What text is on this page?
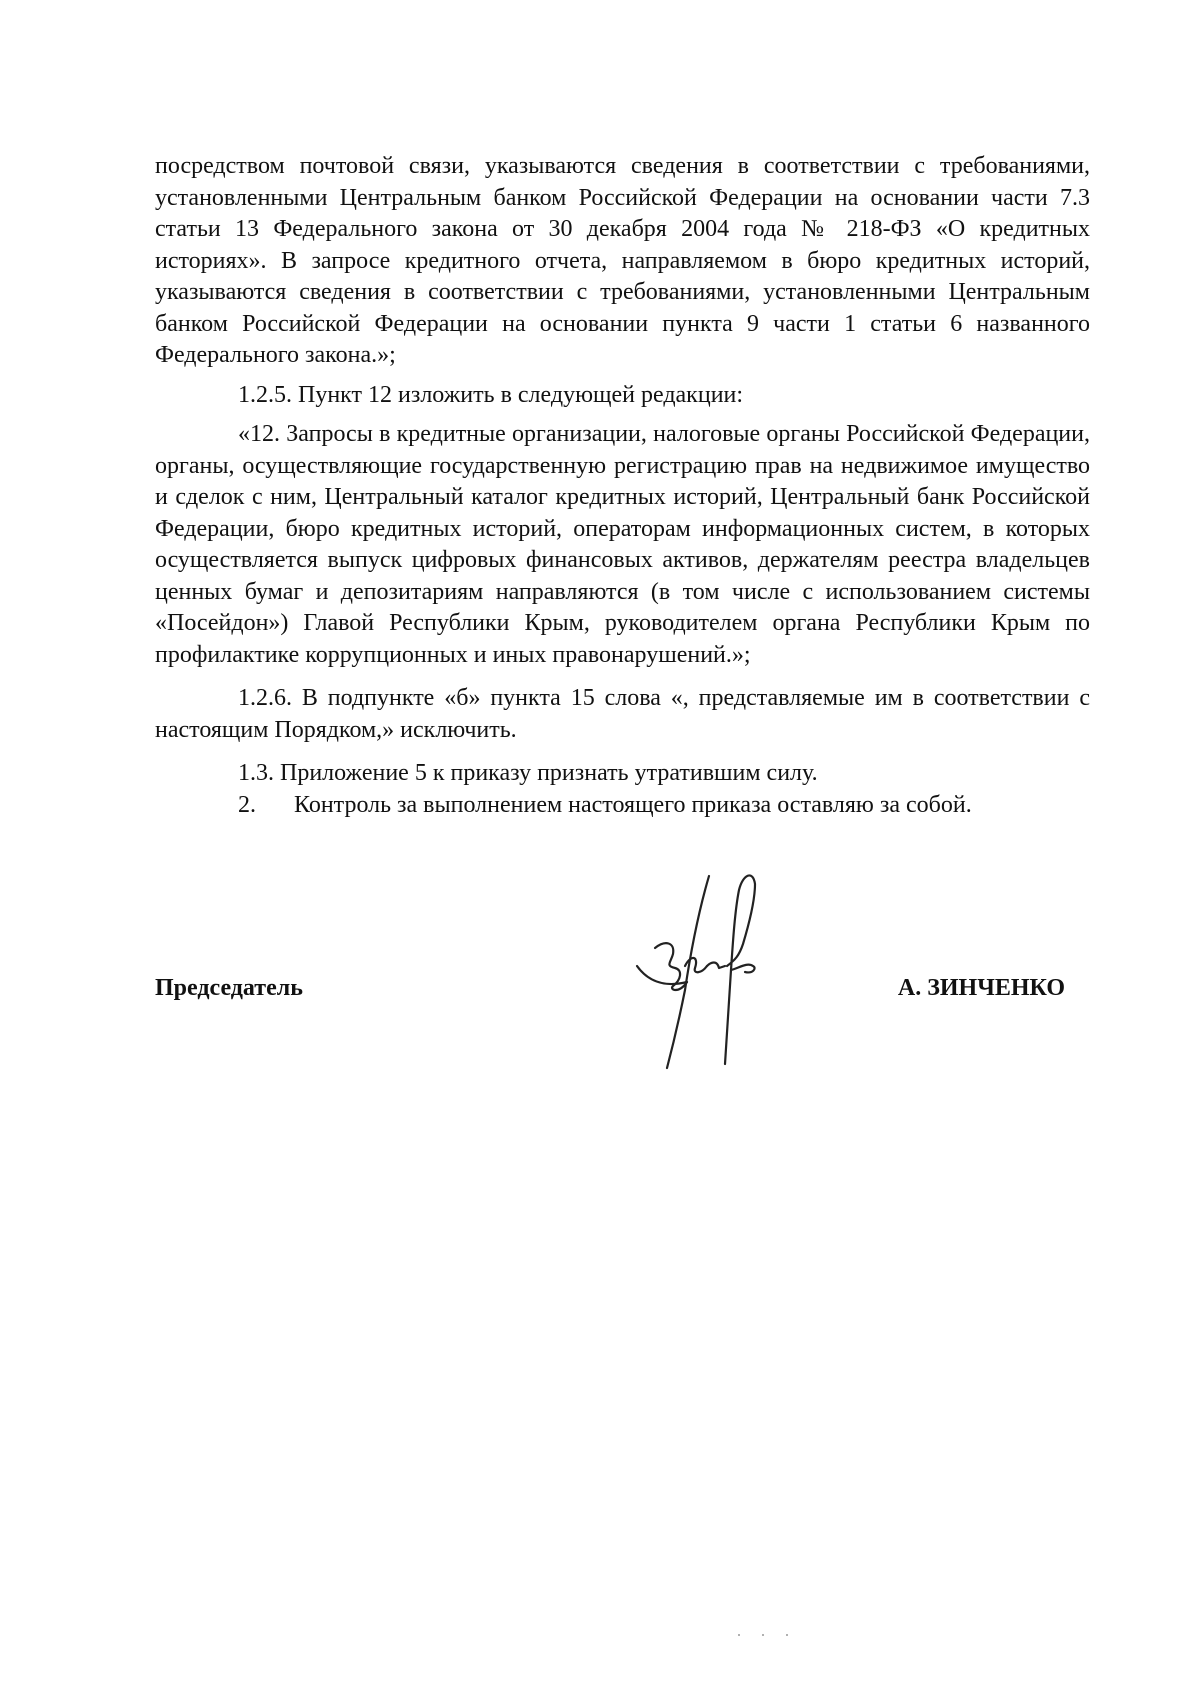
посредством почтовой связи, указываются сведения в соответствии с требованиями, установленными Центральным банком Российской Федерации на основании части 7.3 статьи 13 Федерального закона от 30 декабря 2004 года № 218-ФЗ «О кредитных историях». В запросе кредитного отчета, направляемом в бюро кредитных историй, указываются сведения в соответствии с требованиями, установленными Центральным банком Российской Федерации на основании пункта 9 части 1 статьи 6 названного Федерального закона.»;

1.2.5. Пункт 12 изложить в следующей редакции:

«12. Запросы в кредитные организации, налоговые органы Российской Федерации, органы, осуществляющие государственную регистрацию прав на недвижимое имущество и сделок с ним, Центральный каталог кредитных историй, Центральный банк Российской Федерации, бюро кредитных историй, операторам информационных систем, в которых осуществляется выпуск цифровых финансовых активов, держателям реестра владельцев ценных бумаг и депозитариям направляются (в том числе с использованием системы «Посейдон») Главой Республики Крым, руководителем органа Республики Крым по профилактике коррупционных и иных правонарушений.»;

1.2.6. В подпункте «б» пункта 15 слова «, представляемые им в соответствии с настоящим Порядком,» исключить.

1.3. Приложение 5 к приказу признать утратившим силу.

2. Контроль за выполнением настоящего приказа оставляю за собой.

Председатель	А. ЗИНЧЕНКО
